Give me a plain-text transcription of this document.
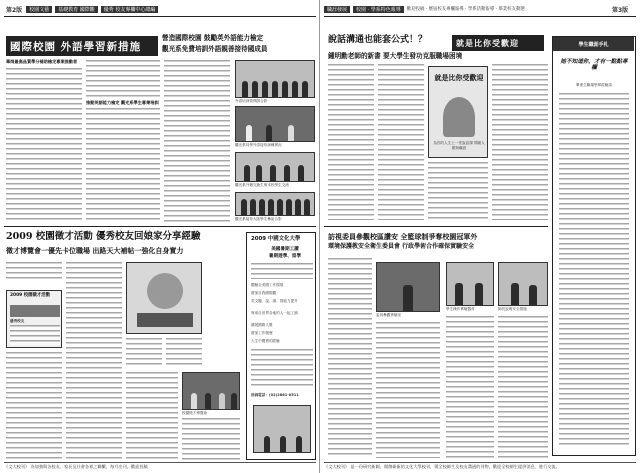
第2版	校園文藝	基礎教育 國際觀	優秀 校友專欄中心總編
國際校園 外語學習新措施
營造國際校園 鼓勵英外語能力檢定
觀光系免費培訓外語親善接待國成員
華岡最高品質學分補助檢定專案推動者
推動英語能力檢定 觀光系學生專業培訓	外語培訓營開訓合影
觀光系同學外語接待演練實況
觀光系外籍交換生與本校學生交流
觀光系接待大陸學生參訪合影
2009 校園徵才活動 優秀校友回娘家分享經驗
徵才博覽會一優先卡位職場 出路天大補帖一強化自身實力
2009 校園徵才活動
優秀校友
校園徵才博覽會
2009 中國文化大學
美國暑期工讀
暑期遊學、留學
體驗全美國工作環境
增加自我國際觀
英文聽、說、讀、寫能力提升
與來自世界各地的人一起工讀
擴展國際人脈
增加工作履歷
人生中寶貴的經驗
洽詢電話：(02)2861-0511
《文大校刊》 為加強與各校友、家長及社會各界之聯繫，每月出刊，歡迎投稿
職涯發展	校園 · 學系特色報導	歡迎投稿 · 歷屆校友專欄報導 · 學系活動報導 · 畢業校友動態	第3版
說話溝通也能套公式！？	就是比你受歡迎
鍾明勳老師的新書 要大學生發功克服職場困境
就是比你受歡迎
為你的人生上一堂說話課 開創人脈與職涯
學生職涯手札
她不知道你，才有一點點專欄
畢業生職場學姊經驗談
訪視委員參觀校區讚安 全籃球制爭奪校園冠軍外
環境保護教安全衛生委員會 行政學術合作確保實驗安全
委員參觀實驗室
學生操作實驗器材	師長說明安全措施
《文大校刊》 是一份研究新穎、開創嶄新的文化大學校刊，與全校師生及校友溝通的刊物，歡迎全校師生提供消息、進行交流。
